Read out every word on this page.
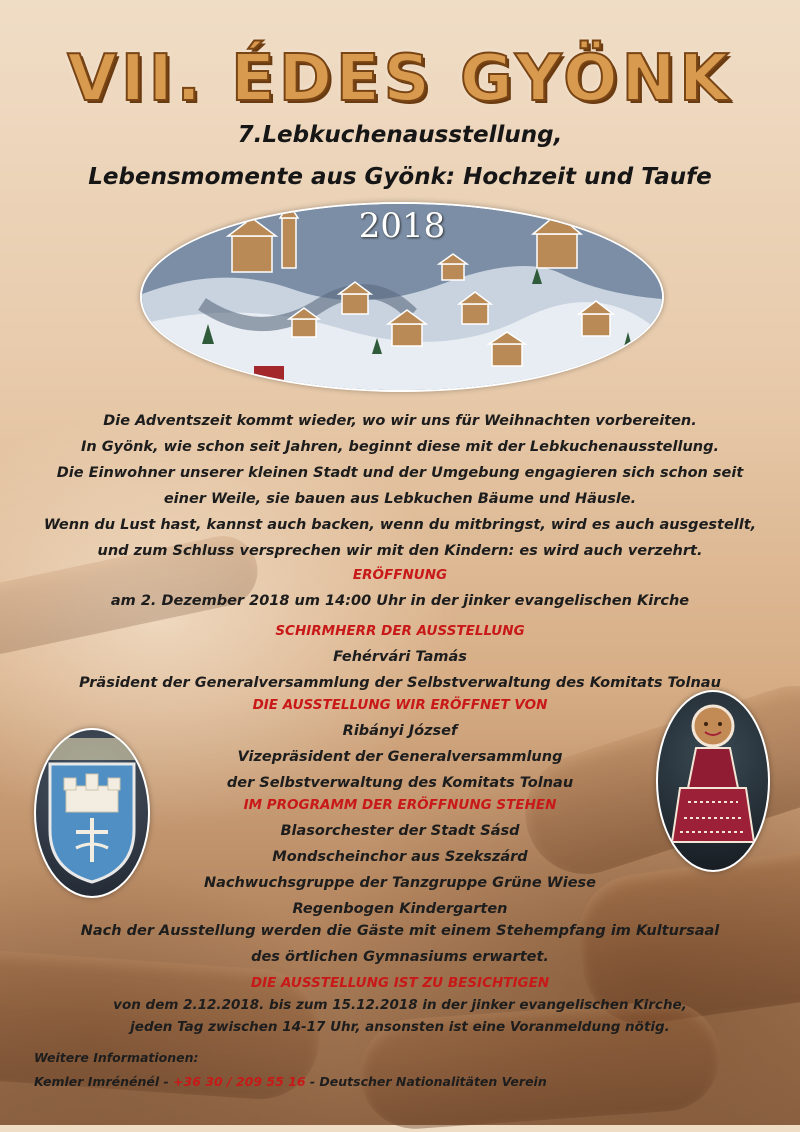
VII. ÉDES GYÖNK

7.Lebkuchenausstellung,

Lebensmomente aus Gyönk: Hochzeit und Taufe

2018

Die Adventszeit kommt wieder, wo wir uns für Weihnachten vorbereiten.
In Gyönk, wie schon seit Jahren, beginnt diese mit der Lebkuchenausstellung.
Die Einwohner unserer kleinen Stadt und der Umgebung engagieren sich schon seit
einer Weile, sie bauen aus Lebkuchen Bäume und Häusle.
Wenn du Lust hast, kannst auch backen, wenn du mitbringst, wird es auch ausgestellt,
und zum Schluss versprechen wir mit den Kindern: es wird auch verzehrt.

ERÖFFNUNG
am 2. Dezember 2018 um 14:00 Uhr in der jinker evangelischen Kirche

SCHIRMHERR DER AUSSTELLUNG
Fehérvári Tamás
Präsident der Generalversammlung der Selbstverwaltung des Komitats Tolnau

DIE AUSSTELLUNG WIR ERÖFFNET VON
Ribányi József
Vizepräsident der Generalversammlung
der Selbstverwaltung des Komitats Tolnau

IM PROGRAMM DER ERÖFFNUNG STEHEN
Blasorchester der Stadt Sásd
Mondscheinchor aus Szekszárd
Nachwuchsgruppe der Tanzgruppe Grüne Wiese
Regenbogen Kindergarten

Nach der Ausstellung werden die Gäste mit einem Stehempfang im Kultursaal
des örtlichen Gymnasiums erwartet.

DIE AUSSTELLUNG IST ZU BESICHTIGEN
von dem 2.12.2018. bis zum 15.12.2018 in der jinker evangelischen Kirche,
jeden Tag zwischen 14-17 Uhr, ansonsten ist eine Voranmeldung nötig.

Weitere Informationen:
Kemler Imrénénél - +36 30 / 209 55 16 - Deutscher Nationalitäten Verein
